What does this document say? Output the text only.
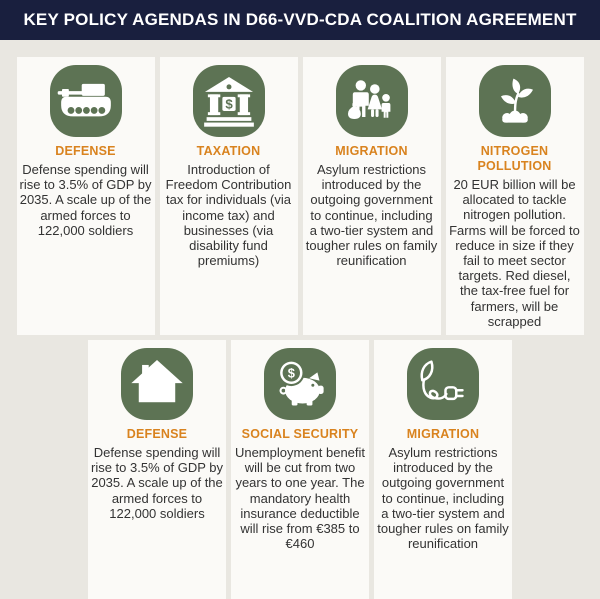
KEY POLICY AGENDAS IN D66-VVD-CDA COALITION AGREEMENT
DEFENSE
Defense spending will rise to 3.5% of GDP by 2035. A scale up of the armed forces to 122,000 soldiers
$
TAXATION
Introduction of Freedom Contribution tax for individuals (via income tax) and businesses (via disability fund premiums)
MIGRATION
Asylum restrictions introduced by the outgoing government to continue, including a two-tier system and tougher rules on family reunification
NITROGEN POLLUTION
20 EUR billion will be allocated to tackle nitrogen pollution. Farms will be forced to reduce in size if they fail to meet sector targets. Red diesel, the tax-free fuel for farmers, will be scrapped
DEFENSE
Defense spending will rise to 3.5% of GDP by 2035. A scale up of the armed forces to 122,000 soldiers
$
SOCIAL SECURITY
Unemployment benefit will be cut from two years to one year. The mandatory health insurance deductible will rise from €385 to €460
MIGRATION
Asylum restrictions introduced by the outgoing government to continue, including a two-tier system and tougher rules on family reunification
